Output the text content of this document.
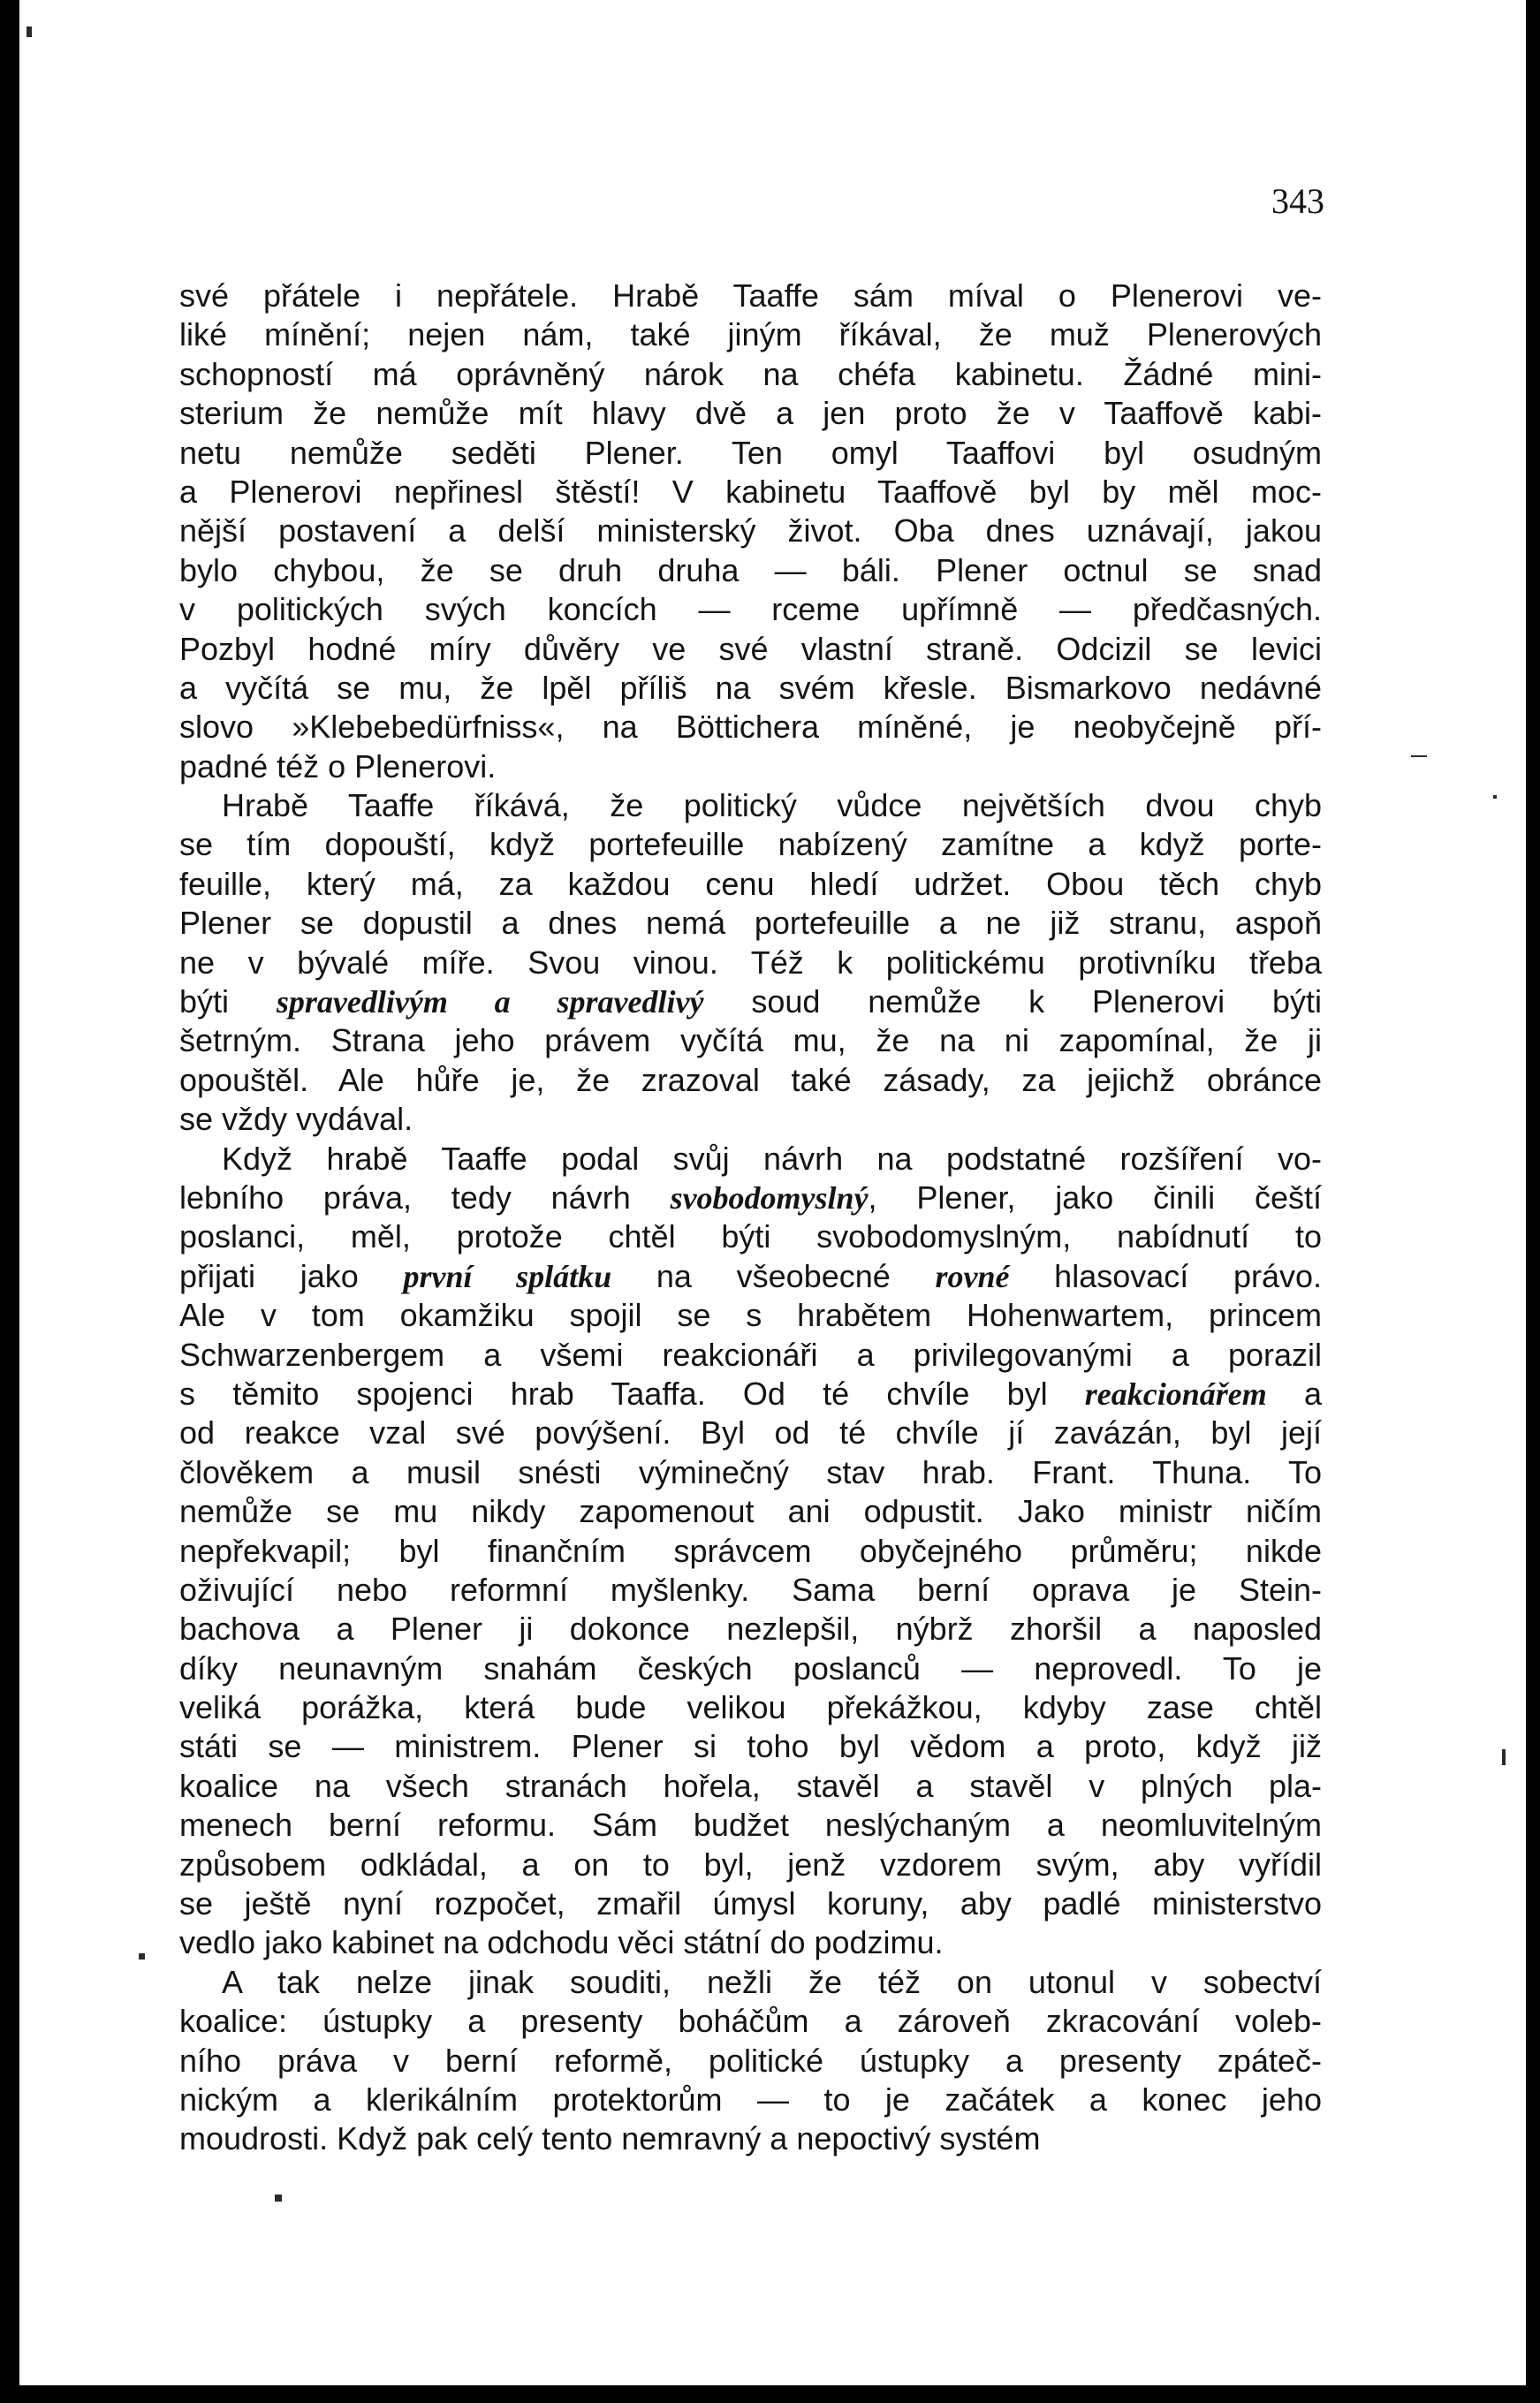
343

své přátele i nepřátele. Hrabě Taaffe sám míval o Plenerovi ve-
liké mínění; nejen nám, také jiným říkával, že muž Plenerových
schopností má oprávněný nárok na chéfa kabinetu. Žádné mini-
sterium že nemůže mít hlavy dvě a jen proto že v Taaffově kabi-
netu nemůže seděti Plener. Ten omyl Taaffovi byl osudným
a Plenerovi nepřinesl štěstí! V kabinetu Taaffově byl by měl moc-
nější postavení a delší ministerský život. Oba dnes uznávají, jakou
bylo chybou, že se druh druha — báli. Plener octnul se snad
v politických svých koncích — rceme upřímně — předčasných.
Pozbyl hodné míry důvěry ve své vlastní straně. Odcizil se levici
a vyčítá se mu, že lpěl příliš na svém křesle. Bismarkovo nedávné
slovo »Klebebedürfniss«, na Böttichera míněné, je neobyčejně pří-
padné též o Plenerovi.
Hrabě Taaffe říkává, že politický vůdce největších dvou chyb
se tím dopouští, když portefeuille nabízený zamítne a když porte-
feuille, který má, za každou cenu hledí udržet. Obou těch chyb
Plener se dopustil a dnes nemá portefeuille a ne již stranu, aspoň
ne v bývalé míře. Svou vinou. Též k politickému protivníku třeba
býti spravedlivým a spravedlivý soud nemůže k Plenerovi býti
šetrným. Strana jeho právem vyčítá mu, že na ni zapomínal, že ji
opouštěl. Ale hůře je, že zrazoval také zásady, za jejichž obránce
se vždy vydával.
Když hrabě Taaffe podal svůj návrh na podstatné rozšíření vo-
lebního práva, tedy návrh svobodomyslný, Plener, jako činili čeští
poslanci, měl, protože chtěl býti svobodomyslným, nabídnutí to
přijati jako první splátku na všeobecné rovné hlasovací právo.
Ale v tom okamžiku spojil se s hrabětem Hohenwartem, princem
Schwarzenbergem a všemi reakcionáři a privilegovanými a porazil
s těmito spojenci hrab Taaffa. Od té chvíle byl reakcionářem a
od reakce vzal své povýšení. Byl od té chvíle jí zavázán, byl její
člověkem a musil snésti výminečný stav hrab. Frant. Thuna. To
nemůže se mu nikdy zapomenout ani odpustit. Jako ministr ničím
nepřekvapil; byl finančním správcem obyčejného průměru; nikde
oživující nebo reformní myšlenky. Sama berní oprava je Stein-
bachova a Plener ji dokonce nezlepšil, nýbrž zhoršil a naposled
díky neunavným snahám českých poslanců — neprovedl. To je
veliká porážka, která bude velikou překážkou, kdyby zase chtěl
státi se — ministrem. Plener si toho byl vědom a proto, když již
koalice na všech stranách hořela, stavěl a stavěl v plných pla-
menech berní reformu. Sám budžet neslýchaným a neomluvitelným
způsobem odkládal, a on to byl, jenž vzdorem svým, aby vyřídil
se ještě nyní rozpočet, zmařil úmysl koruny, aby padlé ministerstvo
vedlo jako kabinet na odchodu věci státní do podzimu.
A tak nelze jinak souditi, nežli že též on utonul v sobectví
koalice: ústupky a presenty boháčům a zároveň zkracování voleb-
ního práva v berní reformě, politické ústupky a presenty zpáteč-
nickým a klerikálním protektorům — to je začátek a konec jeho
moudrosti. Když pak celý tento nemravný a nepoctivý systém
